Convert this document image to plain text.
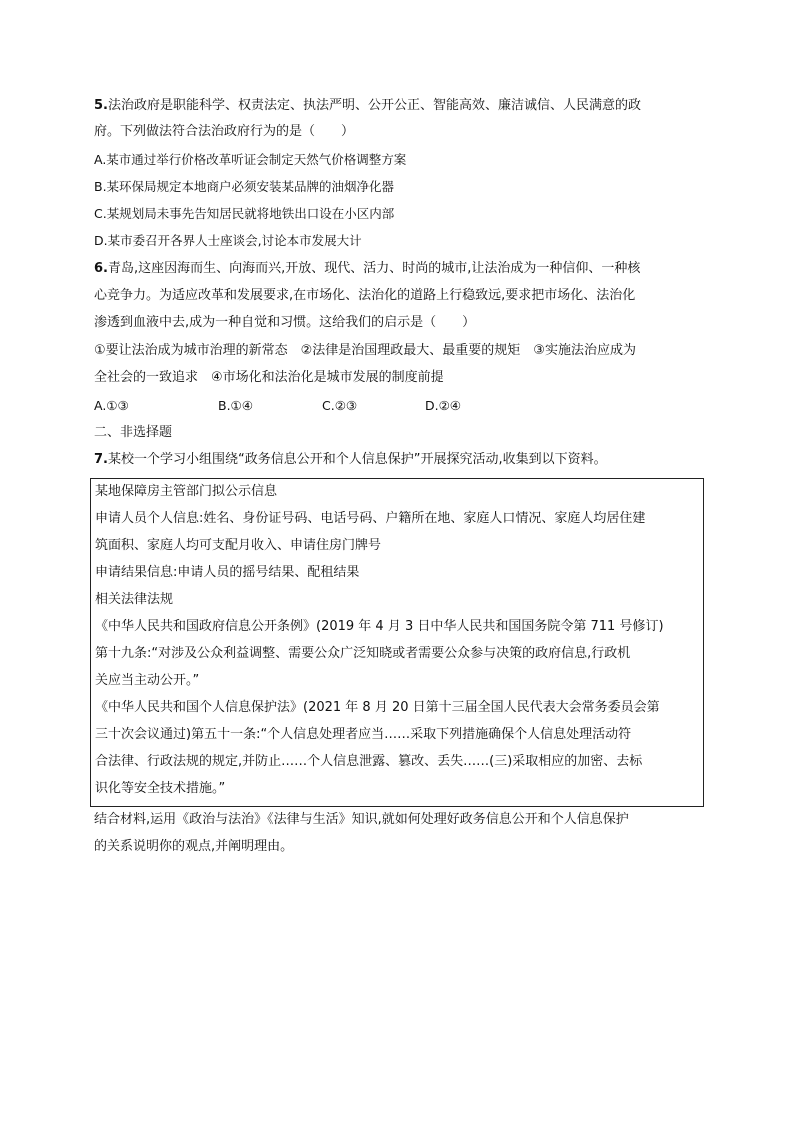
5.法治政府是职能科学、权责法定、执法严明、公开公正、智能高效、廉洁诚信、人民满意的政
府。下列做法符合法治政府行为的是（　　）
A.某市通过举行价格改革听证会制定天然气价格调整方案
B.某环保局规定本地商户必须安装某品牌的油烟净化器
C.某规划局未事先告知居民就将地铁出口设在小区内部
D.某市委召开各界人士座谈会,讨论本市发展大计
6.青岛,这座因海而生、向海而兴,开放、现代、活力、时尚的城市,让法治成为一种信仰、一种核
心竞争力。为适应改革和发展要求,在市场化、法治化的道路上行稳致远,要求把市场化、法治化
渗透到血液中去,成为一种自觉和习惯。这给我们的启示是（　　）
①要让法治成为城市治理的新常态　②法律是治国理政最大、最重要的规矩　③实施法治应成为
全社会的一致追求　④市场化和法治化是城市发展的制度前提
A.①③	B.①④	C.②③	D.②④
二、非选择题
7.某校一个学习小组围绕“政务信息公开和个人信息保护”开展探究活动,收集到以下资料。
某地保障房主管部门拟公示信息
申请人员个人信息:姓名、身份证号码、电话号码、户籍所在地、家庭人口情况、家庭人均居住建
筑面积、家庭人均可支配月收入、申请住房门牌号
申请结果信息:申请人员的摇号结果、配租结果
相关法律法规
《中华人民共和国政府信息公开条例》(2019 年 4 月 3 日中华人民共和国国务院令第 711 号修订)
第十九条:“对涉及公众利益调整、需要公众广泛知晓或者需要公众参与决策的政府信息,行政机
关应当主动公开。”
《中华人民共和国个人信息保护法》(2021 年 8 月 20 日第十三届全国人民代表大会常务委员会第
三十次会议通过)第五十一条:“个人信息处理者应当……采取下列措施确保个人信息处理活动符
合法律、行政法规的规定,并防止……个人信息泄露、篡改、丢失……(三)采取相应的加密、去标
识化等安全技术措施。”
结合材料,运用《政治与法治》《法律与生活》知识,就如何处理好政务信息公开和个人信息保护
的关系说明你的观点,并阐明理由。
